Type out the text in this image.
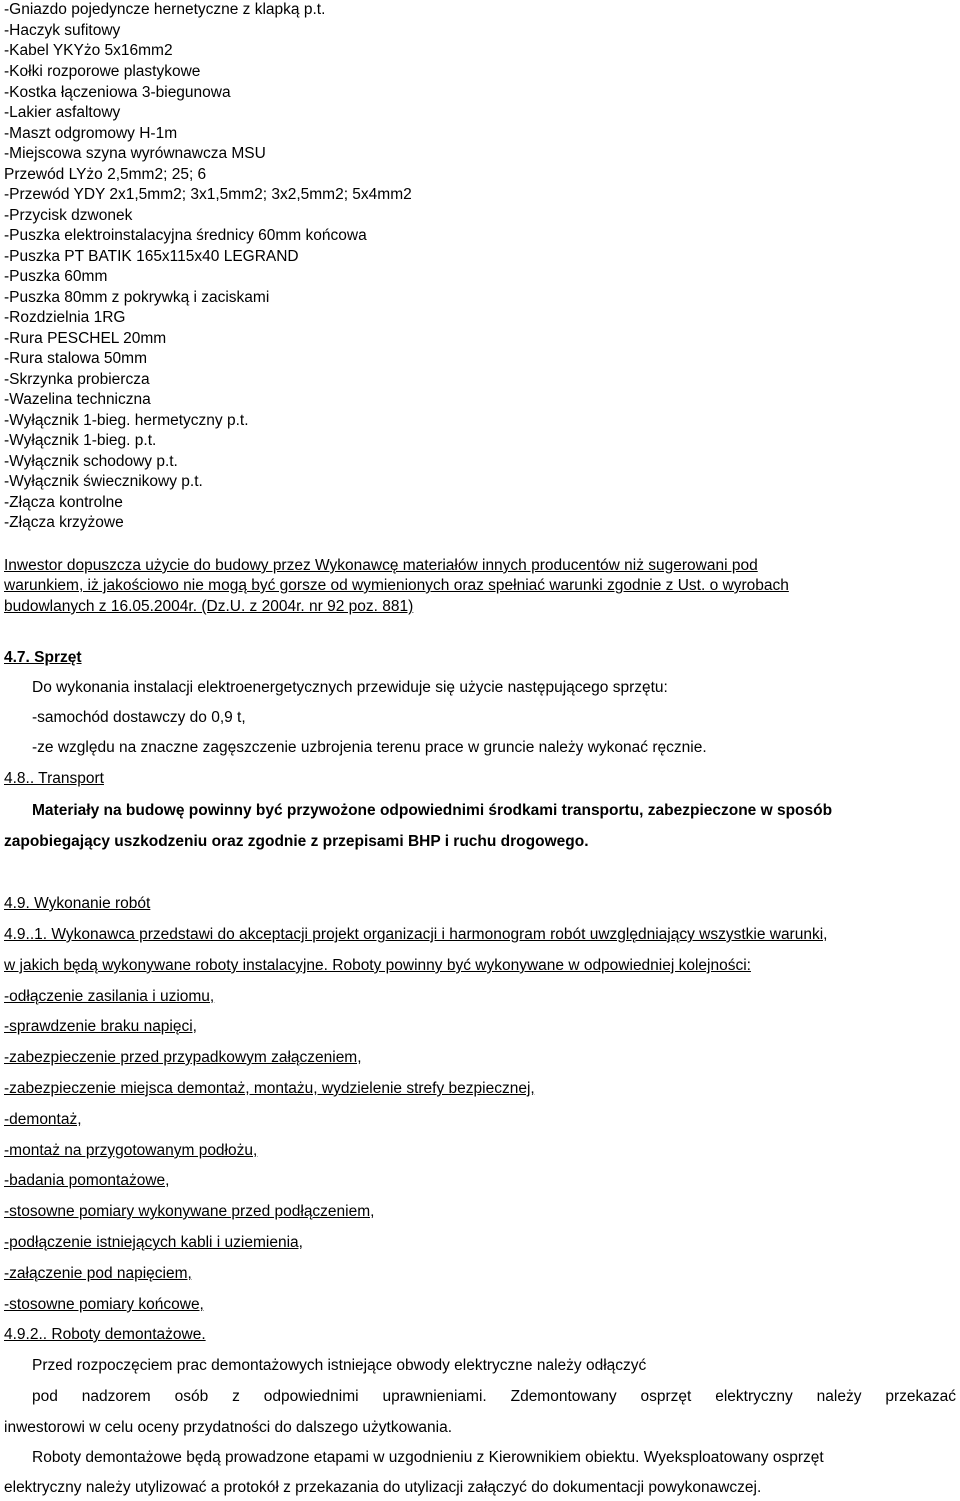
-Gniazdo pojedyncze hernetyczne z klapką p.t.
-Haczyk sufitowy
-Kabel YKYżo 5x16mm2
-Kołki rozporowe plastykowe
-Kostka łączeniowa 3-biegunowa
-Lakier asfaltowy
-Maszt odgromowy H-1m
-Miejscowa szyna wyrównawcza MSU
Przewód LYżo 2,5mm2; 25; 6
-Przewód YDY 2x1,5mm2; 3x1,5mm2; 3x2,5mm2; 5x4mm2
-Przycisk dzwonek
-Puszka elektroinstalacyjna średnicy 60mm końcowa
-Puszka PT BATIK 165x115x40 LEGRAND
-Puszka 60mm
-Puszka 80mm z pokrywką i zaciskami
-Rozdzielnia 1RG
-Rura PESCHEL 20mm
-Rura stalowa 50mm
-Skrzynka probiercza
-Wazelina techniczna
-Wyłącznik 1-bieg. hermetyczny p.t.
-Wyłącznik 1-bieg. p.t.
-Wyłącznik schodowy p.t.
-Wyłącznik świecznikowy p.t.
-Złącza kontrolne
-Złącza krzyżowe
Inwestor dopuszcza użycie do budowy przez Wykonawcę materiałów innych producentów niż sugerowani pod
warunkiem, iż jakościowo nie mogą być gorsze od wymienionych oraz spełniać warunki zgodnie z Ust. o wyrobach
budowlanych z 16.05.2004r. (Dz.U. z 2004r. nr 92 poz. 881)
4.7. Sprzęt
Do wykonania instalacji elektroenergetycznych przewiduje się użycie następującego sprzętu:
-samochód dostawczy do 0,9 t,
-ze względu na znaczne zagęszczenie uzbrojenia terenu prace w gruncie należy wykonać ręcznie.
4.8.. Transport
Materiały na budowę powinny być przywożone odpowiednimi środkami transportu, zabezpieczone w sposób
zapobiegający uszkodzeniu oraz zgodnie z przepisami BHP i ruchu drogowego.
4.9. Wykonanie robót
4.9..1. Wykonawca przedstawi do akceptacji projekt organizacji i harmonogram robót uwzględniający wszystkie warunki,
w jakich będą wykonywane roboty instalacyjne. Roboty powinny być wykonywane w odpowiedniej kolejności:
-odłączenie zasilania i uziomu,
-sprawdzenie braku napięci,
-zabezpieczenie przed przypadkowym załączeniem,
-zabezpieczenie miejsca demontaż, montażu, wydzielenie strefy bezpiecznej,
-demontaż,
-montaż na przygotowanym podłożu,
-badania pomontażowe,
-stosowne pomiary wykonywane przed podłączeniem,
-podłączenie istniejących kabli i uziemienia,
-załączenie pod napięciem,
-stosowne pomiary końcowe,
4.9.2.. Roboty demontażowe.
Przed rozpoczęciem prac demontażowych istniejące obwody elektryczne należy odłączyć
pod nadzorem osób z odpowiednimi uprawnieniami. Zdemontowany osprzęt elektryczny należy przekazać
inwestorowi w celu oceny przydatności do dalszego użytkowania.
Roboty demontażowe będą prowadzone etapami w uzgodnieniu z Kierownikiem obiektu. Wyeksploatowany osprzęt
elektryczny należy utylizować a protokół z przekazania do utylizacji załączyć do dokumentacji powykonawczej.
